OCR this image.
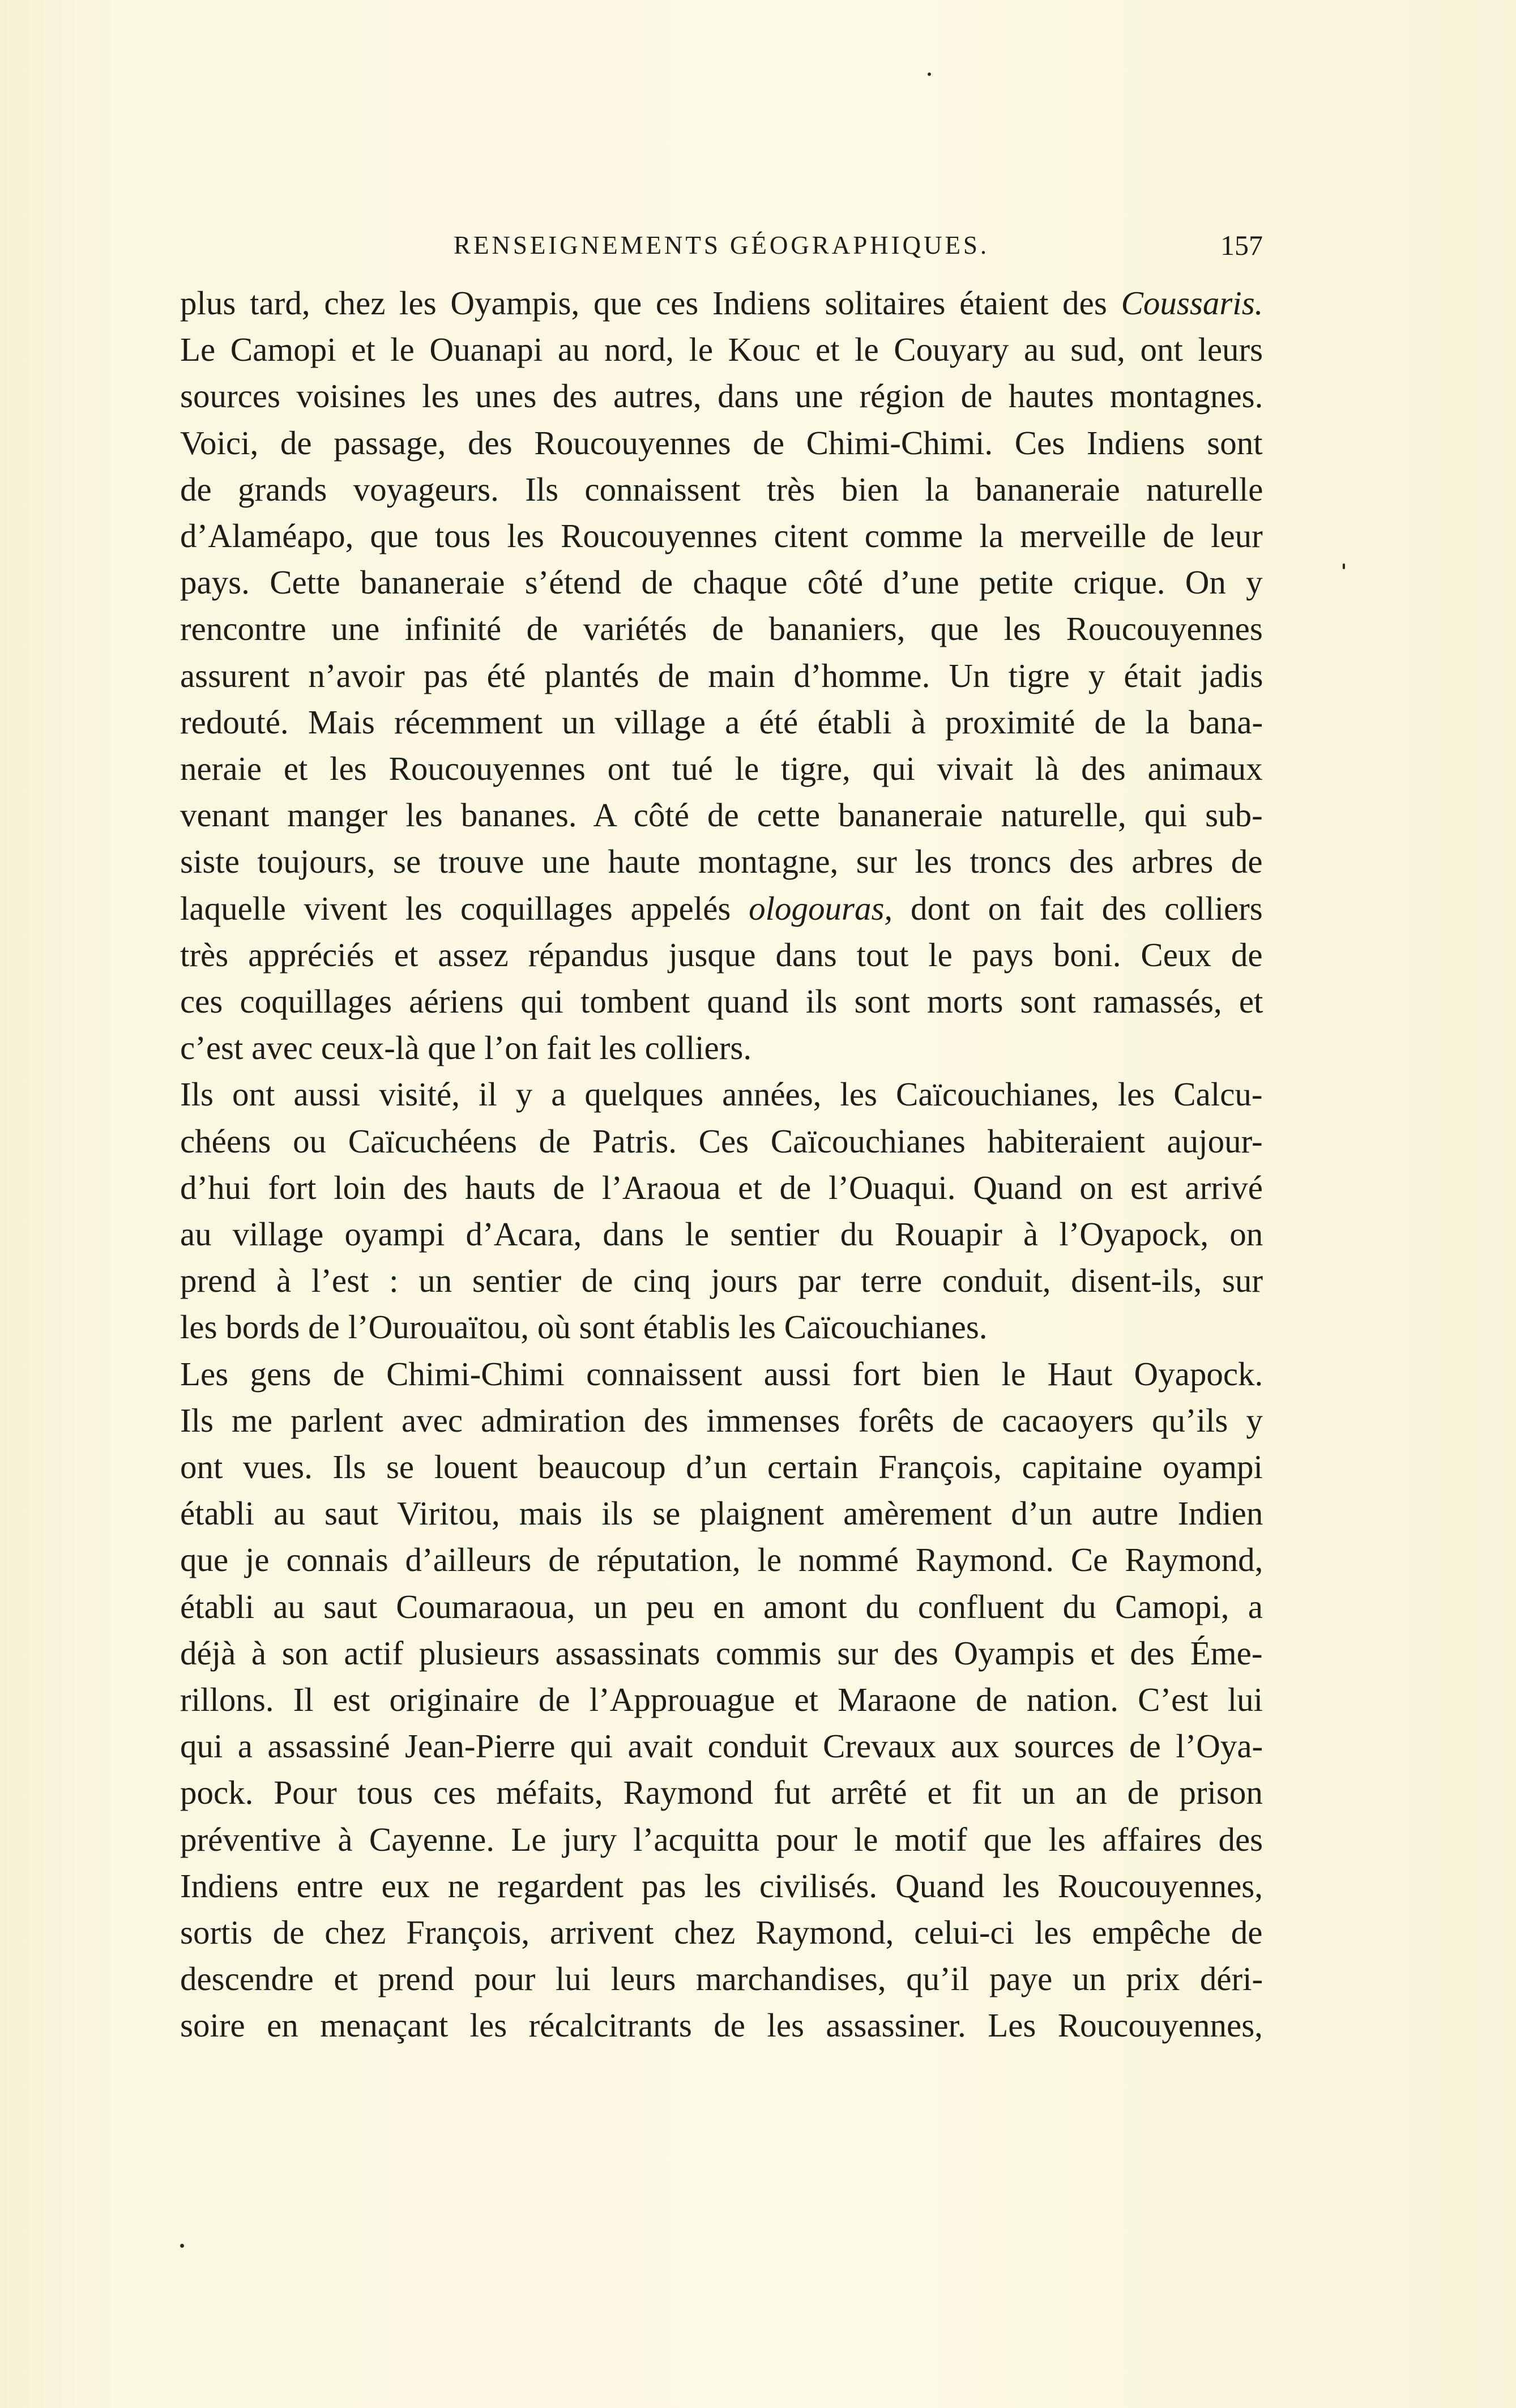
RENSEIGNEMENTS GÉOGRAPHIQUES.	157
plus tard, chez les Oyampis, que ces Indiens solitaires étaient des Coussaris.
Le Camopi et le Ouanapi au nord, le Kouc et le Couyary au sud, ont leurs
sources voisines les unes des autres, dans une région de hautes montagnes.
Voici, de passage, des Roucouyennes de Chimi-Chimi. Ces Indiens sont
de grands voyageurs. Ils connaissent très bien la bananeraie naturelle
d’Alaméapo, que tous les Roucouyennes citent comme la merveille de leur
pays. Cette bananeraie s’étend de chaque côté d’une petite crique. On y
rencontre une infinité de variétés de bananiers, que les Roucouyennes
assurent n’avoir pas été plantés de main d’homme. Un tigre y était jadis
redouté. Mais récemment un village a été établi à proximité de la bana-
neraie et les Roucouyennes ont tué le tigre, qui vivait là des animaux
venant manger les bananes. A côté de cette bananeraie naturelle, qui sub-
siste toujours, se trouve une haute montagne, sur les troncs des arbres de
laquelle vivent les coquillages appelés ologouras, dont on fait des colliers
très appréciés et assez répandus jusque dans tout le pays boni. Ceux de
ces coquillages aériens qui tombent quand ils sont morts sont ramassés, et
c’est avec ceux-là que l’on fait les colliers.
Ils ont aussi visité, il y a quelques années, les Caïcouchianes, les Calcu-
chéens ou Caïcuchéens de Patris. Ces Caïcouchianes habiteraient aujour-
d’hui fort loin des hauts de l’Araoua et de l’Ouaqui. Quand on est arrivé
au village oyampi d’Acara, dans le sentier du Rouapir à l’Oyapock, on
prend à l’est : un sentier de cinq jours par terre conduit, disent-ils, sur
les bords de l’Ourouaïtou, où sont établis les Caïcouchianes.
Les gens de Chimi-Chimi connaissent aussi fort bien le Haut Oyapock.
Ils me parlent avec admiration des immenses forêts de cacaoyers qu’ils y
ont vues. Ils se louent beaucoup d’un certain François, capitaine oyampi
établi au saut Viritou, mais ils se plaignent amèrement d’un autre Indien
que je connais d’ailleurs de réputation, le nommé Raymond. Ce Raymond,
établi au saut Coumaraoua, un peu en amont du confluent du Camopi, a
déjà à son actif plusieurs assassinats commis sur des Oyampis et des Éme-
rillons. Il est originaire de l’Approuague et Maraone de nation. C’est lui
qui a assassiné Jean-Pierre qui avait conduit Crevaux aux sources de l’Oya-
pock. Pour tous ces méfaits, Raymond fut arrêté et fit un an de prison
préventive à Cayenne. Le jury l’acquitta pour le motif que les affaires des
Indiens entre eux ne regardent pas les civilisés. Quand les Roucouyennes,
sortis de chez François, arrivent chez Raymond, celui-ci les empêche de
descendre et prend pour lui leurs marchandises, qu’il paye un prix déri-
soire en menaçant les récalcitrants de les assassiner. Les Roucouyennes,
